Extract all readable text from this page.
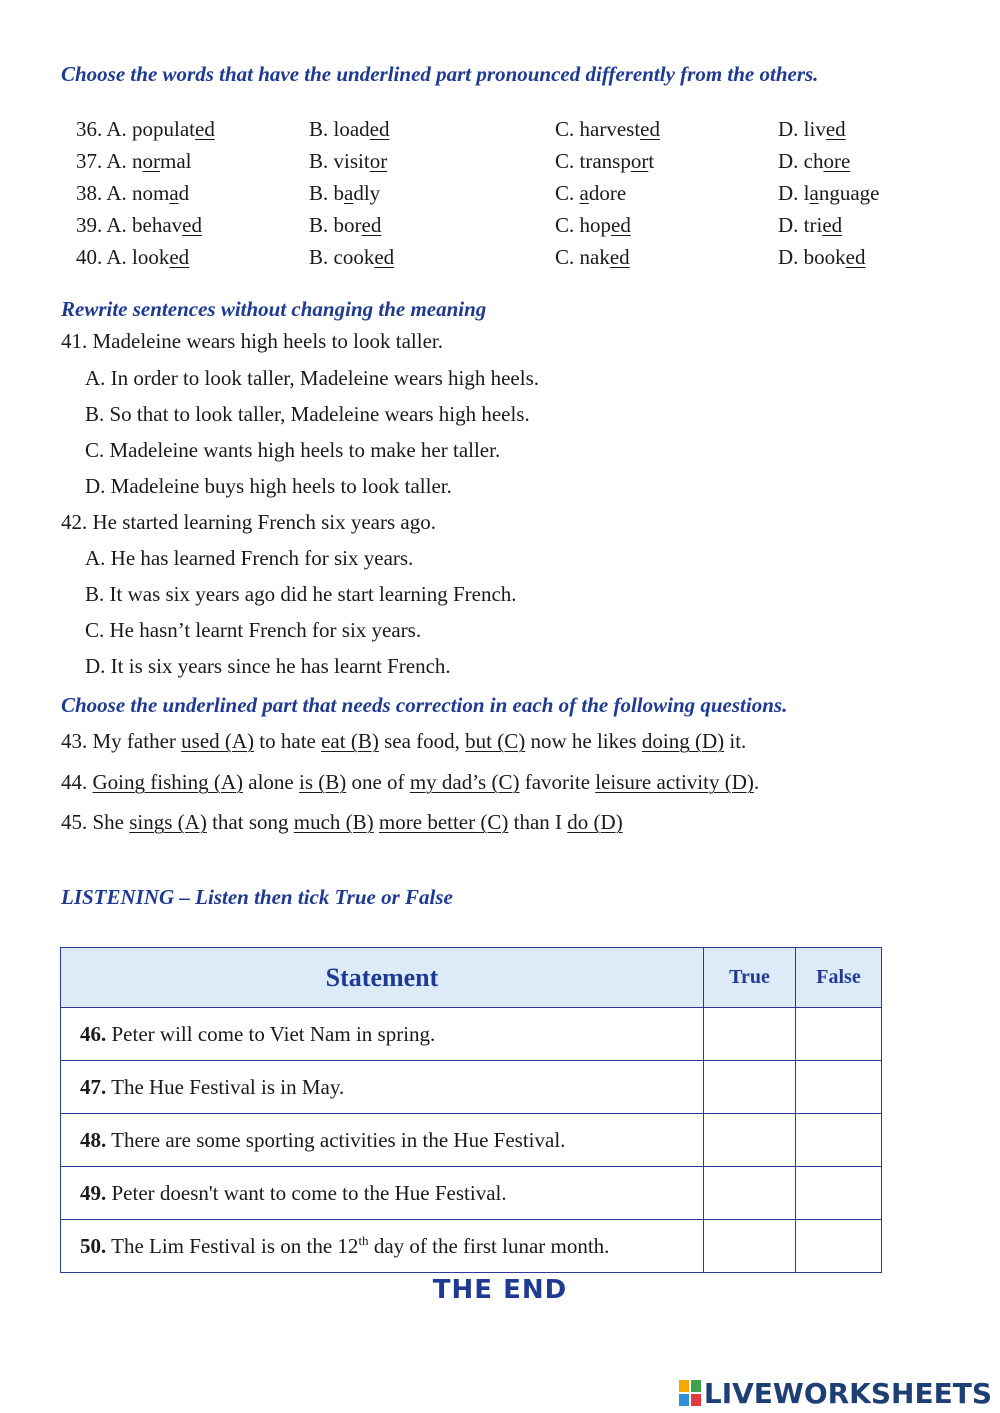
Choose the words that have the underlined part pronounced differently from the others.
36. A. populated	B. loaded	C. harvested	D. lived
37. A. normal	B. visitor	C. transport	D. chore
38. A. nomad	B. badly	C. adore	D. language
39. A. behaved	B. bored	C. hoped	D. tried
40. A. looked	B. cooked	C. naked	D. booked
Rewrite sentences without changing the meaning
41. Madeleine wears high heels to look taller.
A. In order to look taller, Madeleine wears high heels.
B. So that to look taller, Madeleine wears high heels.
C. Madeleine wants high heels to make her taller.
D. Madeleine buys high heels to look taller.
42. He started learning French six years ago.
A. He has learned French for six years.
B. It was six years ago did he start learning French.
C. He hasn’t learnt French for six years.
D. It is six years since he has learnt French.
Choose the underlined part that needs correction in each of the following questions.
43. My father used (A) to hate eat (B) sea food, but (C) now he likes doing (D) it.
44. Going fishing (A) alone is (B) one of my dad’s (C) favorite leisure activity (D).
45. She sings (A) that song much (B) more better (C) than I do (D)
LISTENING – Listen then tick True or False
Statement	True	False
46. Peter will come to Viet Nam in spring.		
47. The Hue Festival is in May.		
48. There are some sporting activities in the Hue Festival.		
49. Peter doesn't want to come to the Hue Festival.		
50. The Lim Festival is on the 12th day of the first lunar month.		
THE END
LIVEWORKSHEETS
